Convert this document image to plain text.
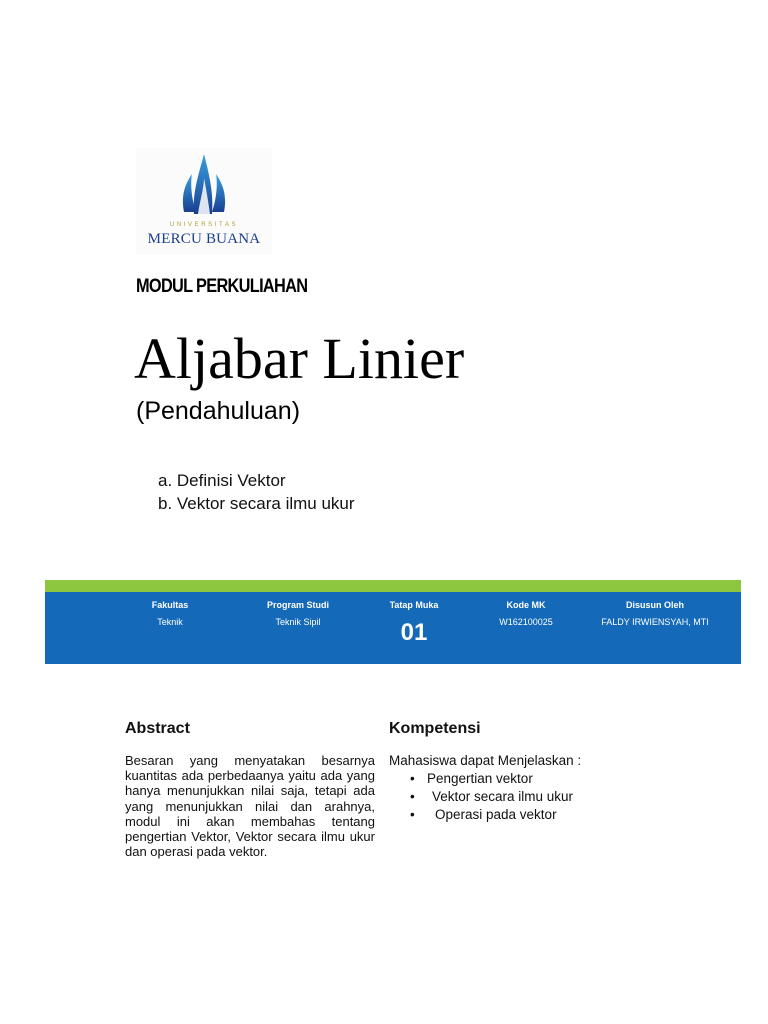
UNIVERSITAS
MERCU BUANA
MODUL PERKULIAHAN
Aljabar Linier
(Pendahuluan)
a. Definisi Vektor
b. Vektor secara ilmu ukur
Fakultas
Teknik
Program Studi
Teknik Sipil
Tatap Muka
01
Kode MK
W162100025
Disusun Oleh
FALDY IRWIENSYAH, MTI
Abstract
Besaran yang menyatakan besarnya kuantitas ada perbedaanya yaitu ada yang hanya menunjukkan nilai saja, tetapi ada yang menunjukkan nilai dan arahnya, modul ini akan membahas tentang pengertian Vektor, Vektor secara ilmu ukur dan operasi pada vektor.
Kompetensi
Mahasiswa dapat Menjelaskan :
• Pengertian vektor
• Vektor secara ilmu ukur
• Operasi pada vektor
